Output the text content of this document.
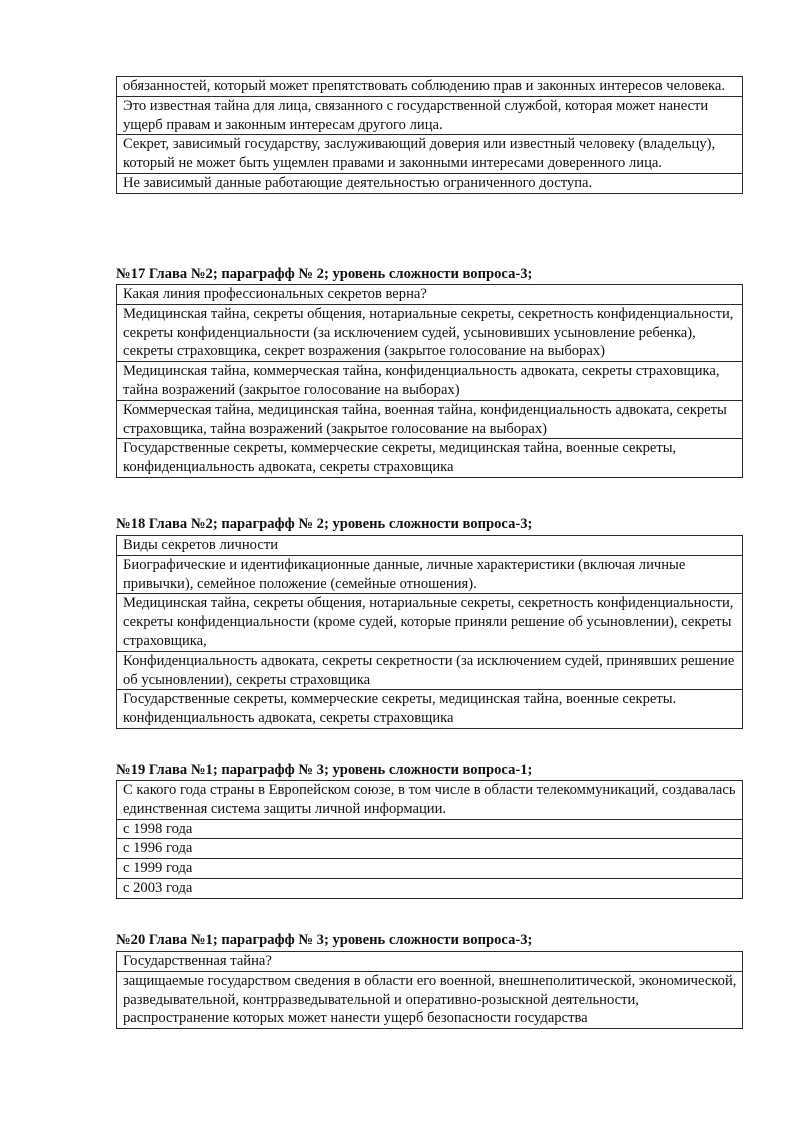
обязанностей, который может препятствовать соблюдению прав и законных интересов человека.
Это известная тайна для лица, связанного с государственной службой, которая может нанести ущерб правам и законным интересам другого лица.
Секрет, зависимый государству, заслуживающий доверия или известный человеку (владельцу), который не может быть ущемлен правами и законными интересами доверенного лица.
Не зависимый данные работающие деятельностью ограниченного доступа.
№17 Глава №2; параграфф № 2; уровень сложности вопроса-3;
Какая линия профессиональных секретов верна?
Медицинская тайна, секреты общения, нотариальные секреты, секретность конфиденциальности, секреты конфиденциальности (за исключением судей, усыновивших усыновление ребенка), секреты страховщика, секрет возражения (закрытое голосование на выборах)
Медицинская тайна, коммерческая тайна, конфиденциальность адвоката, секреты страховщика, тайна возражений (закрытое голосование на выборах)
Коммерческая тайна, медицинская тайна, военная тайна, конфиденциальность адвоката, секреты страховщика, тайна возражений (закрытое голосование на выборах)
Государственные секреты, коммерческие секреты, медицинская тайна, военные секреты, конфиденциальность адвоката, секреты страховщика
№18 Глава №2; параграфф № 2; уровень сложности вопроса-3;
Виды секретов личности
Биографические и идентификационные данные, личные характеристики (включая личные привычки), семейное положение (семейные отношения).
Медицинская тайна, секреты общения, нотариальные секреты, секретность конфиденциальности, секреты конфиденциальности (кроме судей, которые приняли решение об усыновлении), секреты страховщика,
Конфиденциальность адвоката, секреты секретности (за исключением судей, принявших решение об усыновлении), секреты страховщика
Государственные секреты, коммерческие секреты, медицинская тайна, военные секреты. конфиденциальность адвоката, секреты страховщика
№19 Глава №1; параграфф № 3; уровень сложности вопроса-1;
С какого года страны в Европейском союзе, в том числе в области телекоммуникаций, создавалась единственная система защиты личной информации.
с 1998 года
с 1996 года
с 1999 года
с 2003 года
№20 Глава №1; параграфф № 3; уровень сложности вопроса-3;
Государственная тайна?
защищаемые государством сведения в области его военной, внешнеполитической, экономической, разведывательной, контрразведывательной и оперативно-розыскной деятельности, распространение которых может нанести ущерб безопасности государства
